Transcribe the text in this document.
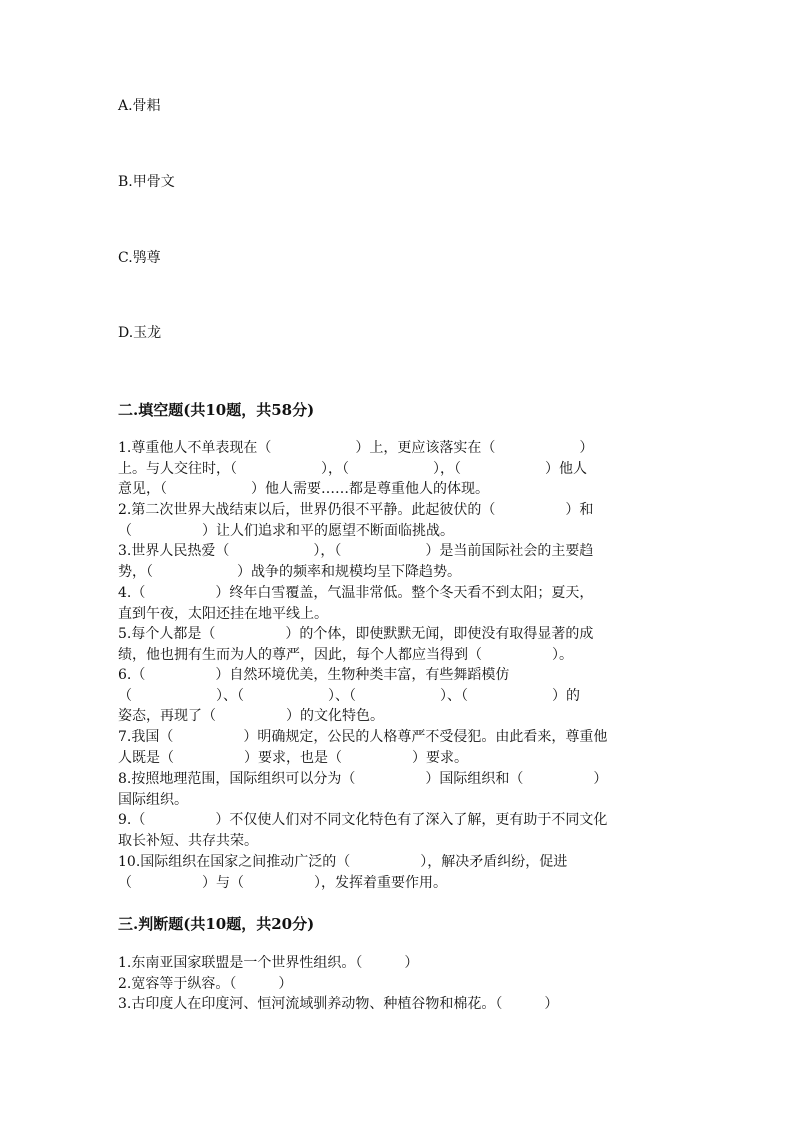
A.骨耜
B.甲骨文
C.鸮尊
D.玉龙
二.填空题(共10题，共58分)
1.尊重他人不单表现在（　　　　　　）上，更应该落实在（　　　　　　）
上。与人交往时，（　　　　　　），（　　　　　　），（　　　　　　）他人
意见，（　　　　　　）他人需要……都是尊重他人的体现。
2.第二次世界大战结束以后，世界仍很不平静。此起彼伏的（　　　　　）和
（　　　　　）让人们追求和平的愿望不断面临挑战。
3.世界人民热爱（　　　　　　），（　　　　　　）是当前国际社会的主要趋
势，（　　　　　　）战争的频率和规模均呈下降趋势。
4.（　　　　　）终年白雪覆盖，气温非常低。整个冬天看不到太阳；夏天，
直到午夜，太阳还挂在地平线上。
5.每个人都是（　　　　　）的个体，即使默默无闻，即使没有取得显著的成
绩，他也拥有生而为人的尊严，因此，每个人都应当得到（　　　　　）。
6.（　　　　　）自然环境优美，生物种类丰富，有些舞蹈模仿
（　　　　　　）、（　　　　　　）、（　　　　　　）、（　　　　　　）的
姿态，再现了（　　　　　）的文化特色。
7.我国（　　　　　）明确规定，公民的人格尊严不受侵犯。由此看来，尊重他
人既是（　　　　　）要求，也是（　　　　　）要求。
8.按照地理范围，国际组织可以分为（　　　　　）国际组织和（　　　　　）
国际组织。
9.（　　　　　）不仅使人们对不同文化特色有了深入了解，更有助于不同文化
取长补短、共存共荣。
10.国际组织在国家之间推动广泛的（　　　　　），解决矛盾纠纷，促进
（　　　　　）与（　　　　　），发挥着重要作用。
三.判断题(共10题，共20分)
1.东南亚国家联盟是一个世界性组织。（　　　）
2.宽容等于纵容。（　　　）
3.古印度人在印度河、恒河流域驯养动物、种植谷物和棉花。（　　　）
